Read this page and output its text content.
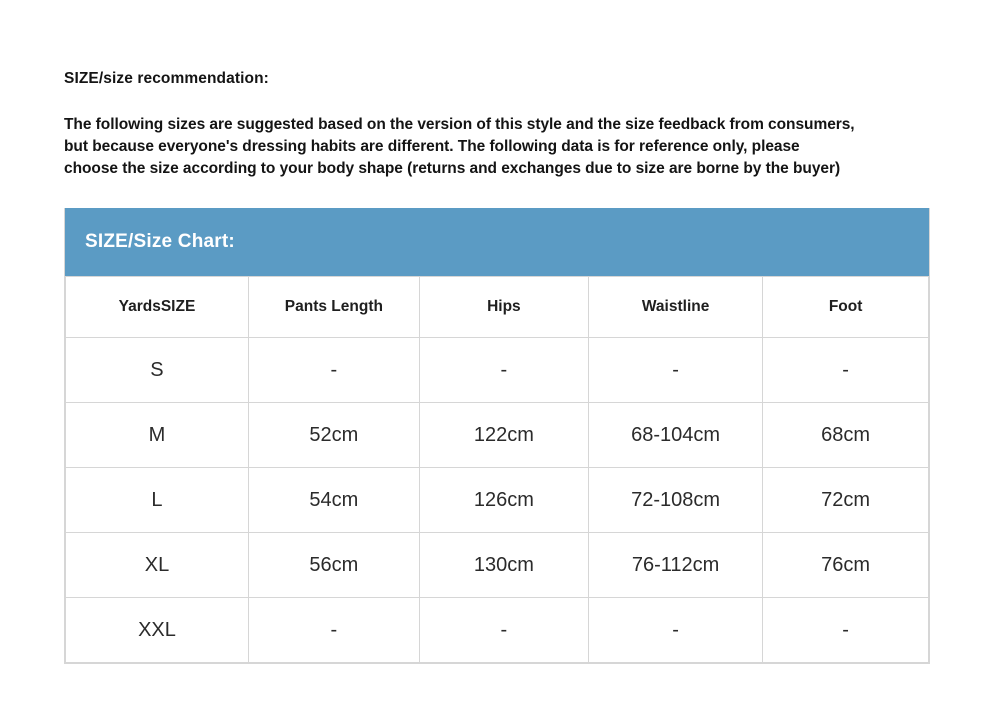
SIZE/size recommendation:

The following sizes are suggested based on the version of this style and the size feedback from consumers,
but because everyone's dressing habits are different. The following data is for reference only, please
choose the size according to your body shape (returns and exchanges due to size are borne by the buyer)

SIZE/Size Chart:
YardsSIZE	Pants Length	Hips	Waistline	Foot
S	-	-	-	-
M	52cm	122cm	68-104cm	68cm
L	54cm	126cm	72-108cm	72cm
XL	56cm	130cm	76-112cm	76cm
XXL	-	-	-	-
